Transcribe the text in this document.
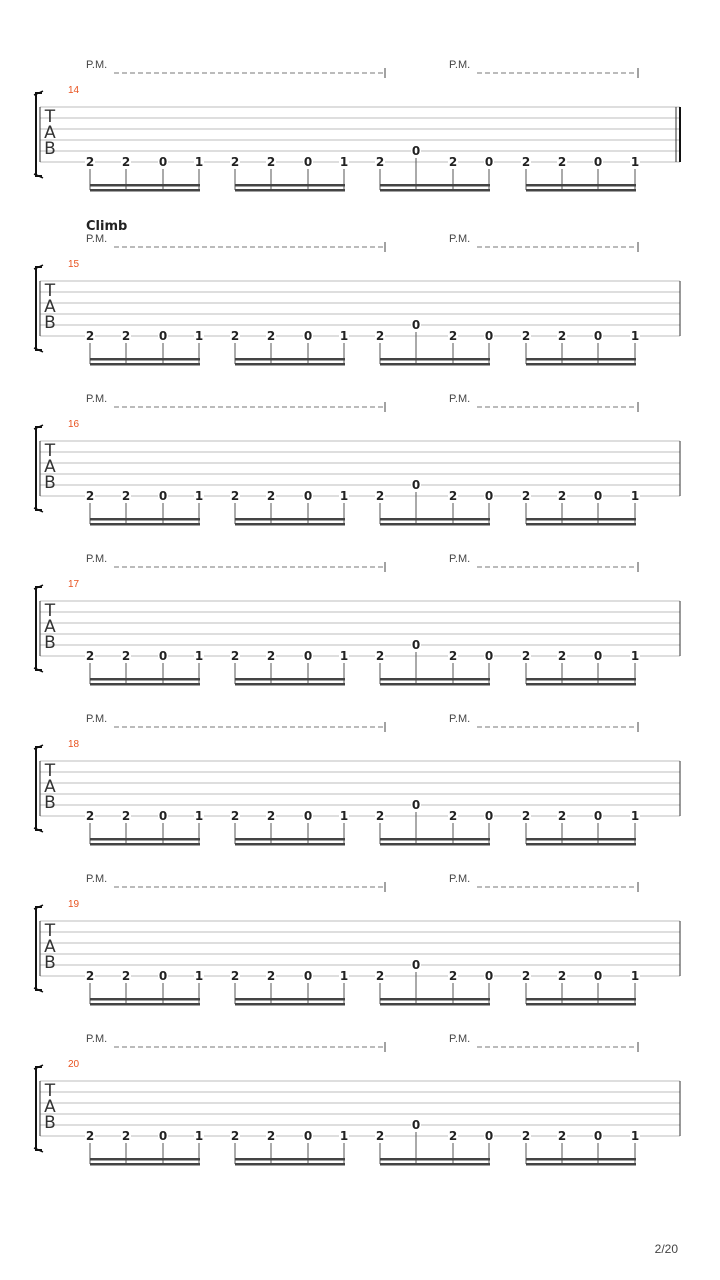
P.M.	P.M.
14
T
A
B
2 2 0 1 2 2 0 1 2
0
2 0 2 2 0 1
Climb
P.M.	P.M.
15
T
A
B
2 2 0 1 2 2 0 1 2
0
2 0 2 2 0 1
P.M.	P.M.
16
T
A
B
2 2 0 1 2 2 0 1 2
0
2 0 2 2 0 1
P.M.	P.M.
17
T
A
B
2 2 0 1 2 2 0 1 2
0
2 0 2 2 0 1
P.M.	P.M.
18
T
A
B
2 2 0 1 2 2 0 1 2
0
2 0 2 2 0 1
P.M.	P.M.
19
T
A
B
2 2 0 1 2 2 0 1 2
0
2 0 2 2 0 1
P.M.	P.M.
20
T
A
B
2 2 0 1 2 2 0 1 2
0
2 0 2 2 0 1
2/20
